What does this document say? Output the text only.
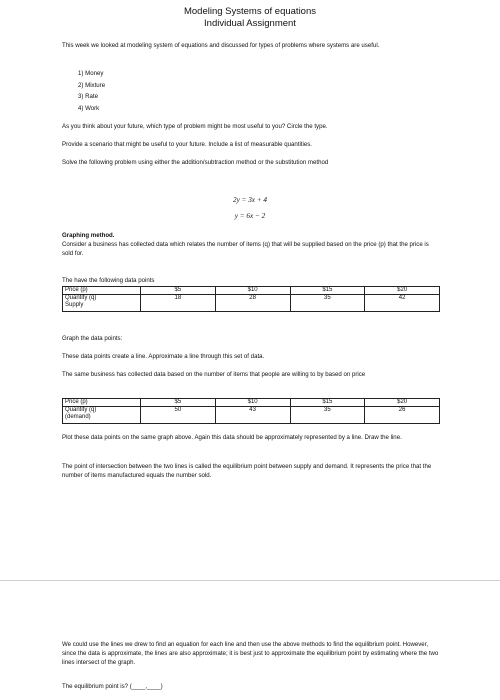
Modeling Systems of equations
Individual Assignment
This week we looked at modeling system of equations and discussed for types of problems where systems are useful.
1) Money
2) Mixture
3) Rate
4) Work
As you think about your future, which type of problem might be most useful to you? Circle the type.
Provide a scenario that might be useful to your future. Include a list of measurable quantities.
Solve the following problem using either the addition/subtraction method or the substitution method
2y = 3x + 4
y = 6x − 2
Graphing method.
Consider a business has collected data which relates the number of items (q) that will be supplied based on the price (p) that the price is sold for.
The have the following data points
Price (p)	$5	$10	$15	$20
Quantity (q)	18	28	35	42
Supply				
Graph the data points:
These data points create a line. Approximate a line through this set of data.
The same business has collected data based on the number of items that people are willing to by based on price
Price (p)	$5	$10	$15	$20
Quantity (q)	50	43	35	26
(demand)				
Plot these data points on the same graph above. Again this data should be approximately represented by a line. Draw the line.
The point of intersection between the two lines is called the equilibrium point between supply and demand. It represents the price that the number of items manufactured equals the number sold.
We could use the lines we drew to find an equation for each line and then use the above methods to find the equilibrium point. However, since the data is approximate, the lines are also approximate; it is best just to approximate the equilibrium point by estimating where the two lines intersect of the graph.
The equilibrium point is? (____,____)
